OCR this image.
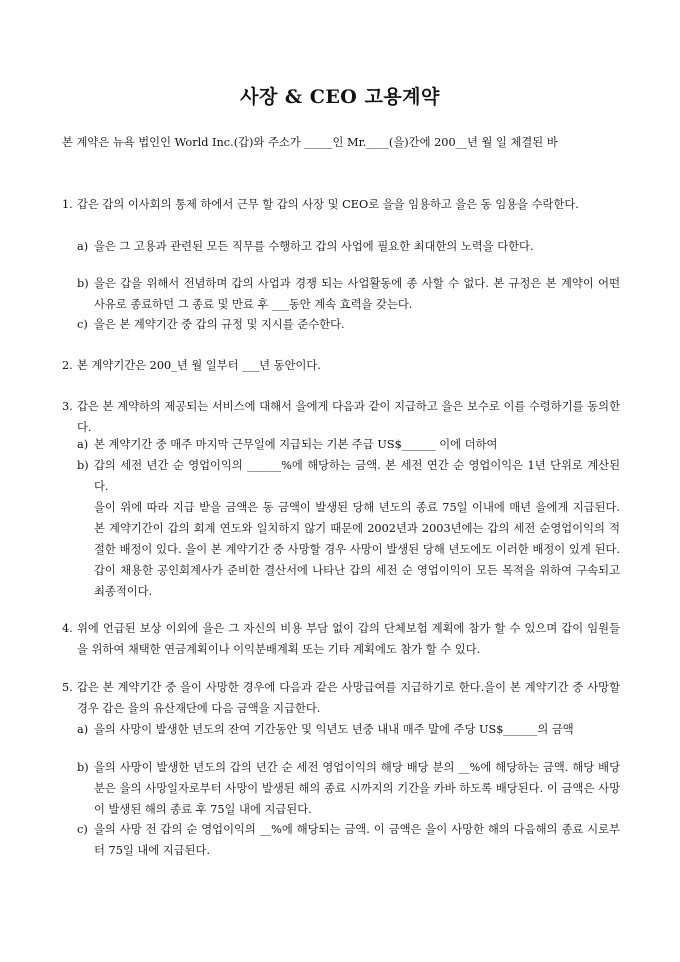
사장 & CEO 고용계약
본 계약은 뉴욕 법인인 World Inc.(갑)와 주소가 _____인 Mr.____(을)간에 200__년 월 일 체결된 바
1. 갑은 갑의 이사회의 통제 하에서 근무 할 갑의 사장 및 CEO로 을을 임용하고 을은 동 임용을 수락한다.
a) 을은 그 고용과 관련된 모든 직무를 수행하고 갑의 사업에 필요한 최대한의 노력을 다한다.
b) 을은 갑을 위해서 전념하며 갑의 사업과 경쟁 되는 사업활동에 종 사할 수 없다. 본 규정은 본 계약이 어떤 사유로 종료하던 그 종료 및 만료 후 ___동안 계속 효력을 갖는다.
c) 을은 본 계약기간 중 갑의 규정 및 지시를 준수한다.
2. 본 계약기간은 200_년 월 일부터 ___년 동안이다.
3. 갑은 본 계약하의 제공되는 서비스에 대해서 을에게 다음과 같이 지급하고 을은 보수로 이를 수령하기를 동의한다.
a) 본 계약기간 중 매주 마지막 근무일에 지급되는 기본 주급 US$______ 이에 더하여
b) 갑의 세전 년간 순 영업이익의 ______%에 해당하는 금액. 본 세전 연간 순 영업이익은 1년 단위로 계산된다.
을이 위에 따라 지급 받을 금액은 동 금액이 발생된 당해 년도의 종료 75일 이내에 매년 을에게 지급된다. 본 계약기간이 갑의 회계 연도와 일치하지 않기 때문에 2002년과 2003년에는 갑의 세전 순영업이익의 적절한 배정이 있다. 을이 본 계약기간 중 사망할 경우 사망이 발생된 당해 년도에도 이러한 배정이 있게 된다. 갑이 채용한 공인회계사가 준비한 결산서에 나타난 갑의 세전 순 영업이익이 모든 목적을 위하여 구속되고 최종적이다.
4. 위에 언급된 보상 이외에 을은 그 자신의 비용 부담 없이 갑의 단체보험 계획에 참가 할 수 있으며 갑이 임원들을 위하여 채택한 연금계획이나 이익분배계획 또는 기타 계획에도 참가 할 수 있다.
5. 갑은 본 계약기간 중 을이 사망한 경우에 다음과 같은 사망급여를 지급하기로 한다.을이 본 계약기간 중 사망할 경우 갑은 을의 유산재단에 다음 금액을 지급한다.
a) 을의 사망이 발생한 년도의 잔여 기간동안 및 익년도 년중 내내 매주 말에 주당 US$______의 금액
b) 을의 사망이 발생한 년도의 갑의 년간 순 세전 영업이익의 해당 배당 분의 __%에 해당하는 금액. 해당 배당 분은 을의 사망일자로부터 사망이 발생된 해의 종료 시까지의 기간을 카바 하도록 배당된다. 이 금액은 사망이 발생된 해의 종료 후 75일 내에 지급된다.
c) 을의 사망 전 갑의 순 영업이익의 __%에 해당되는 금액. 이 금액은 을이 사망한 해의 다음해의 종료 시로부터 75일 내에 지급된다.
